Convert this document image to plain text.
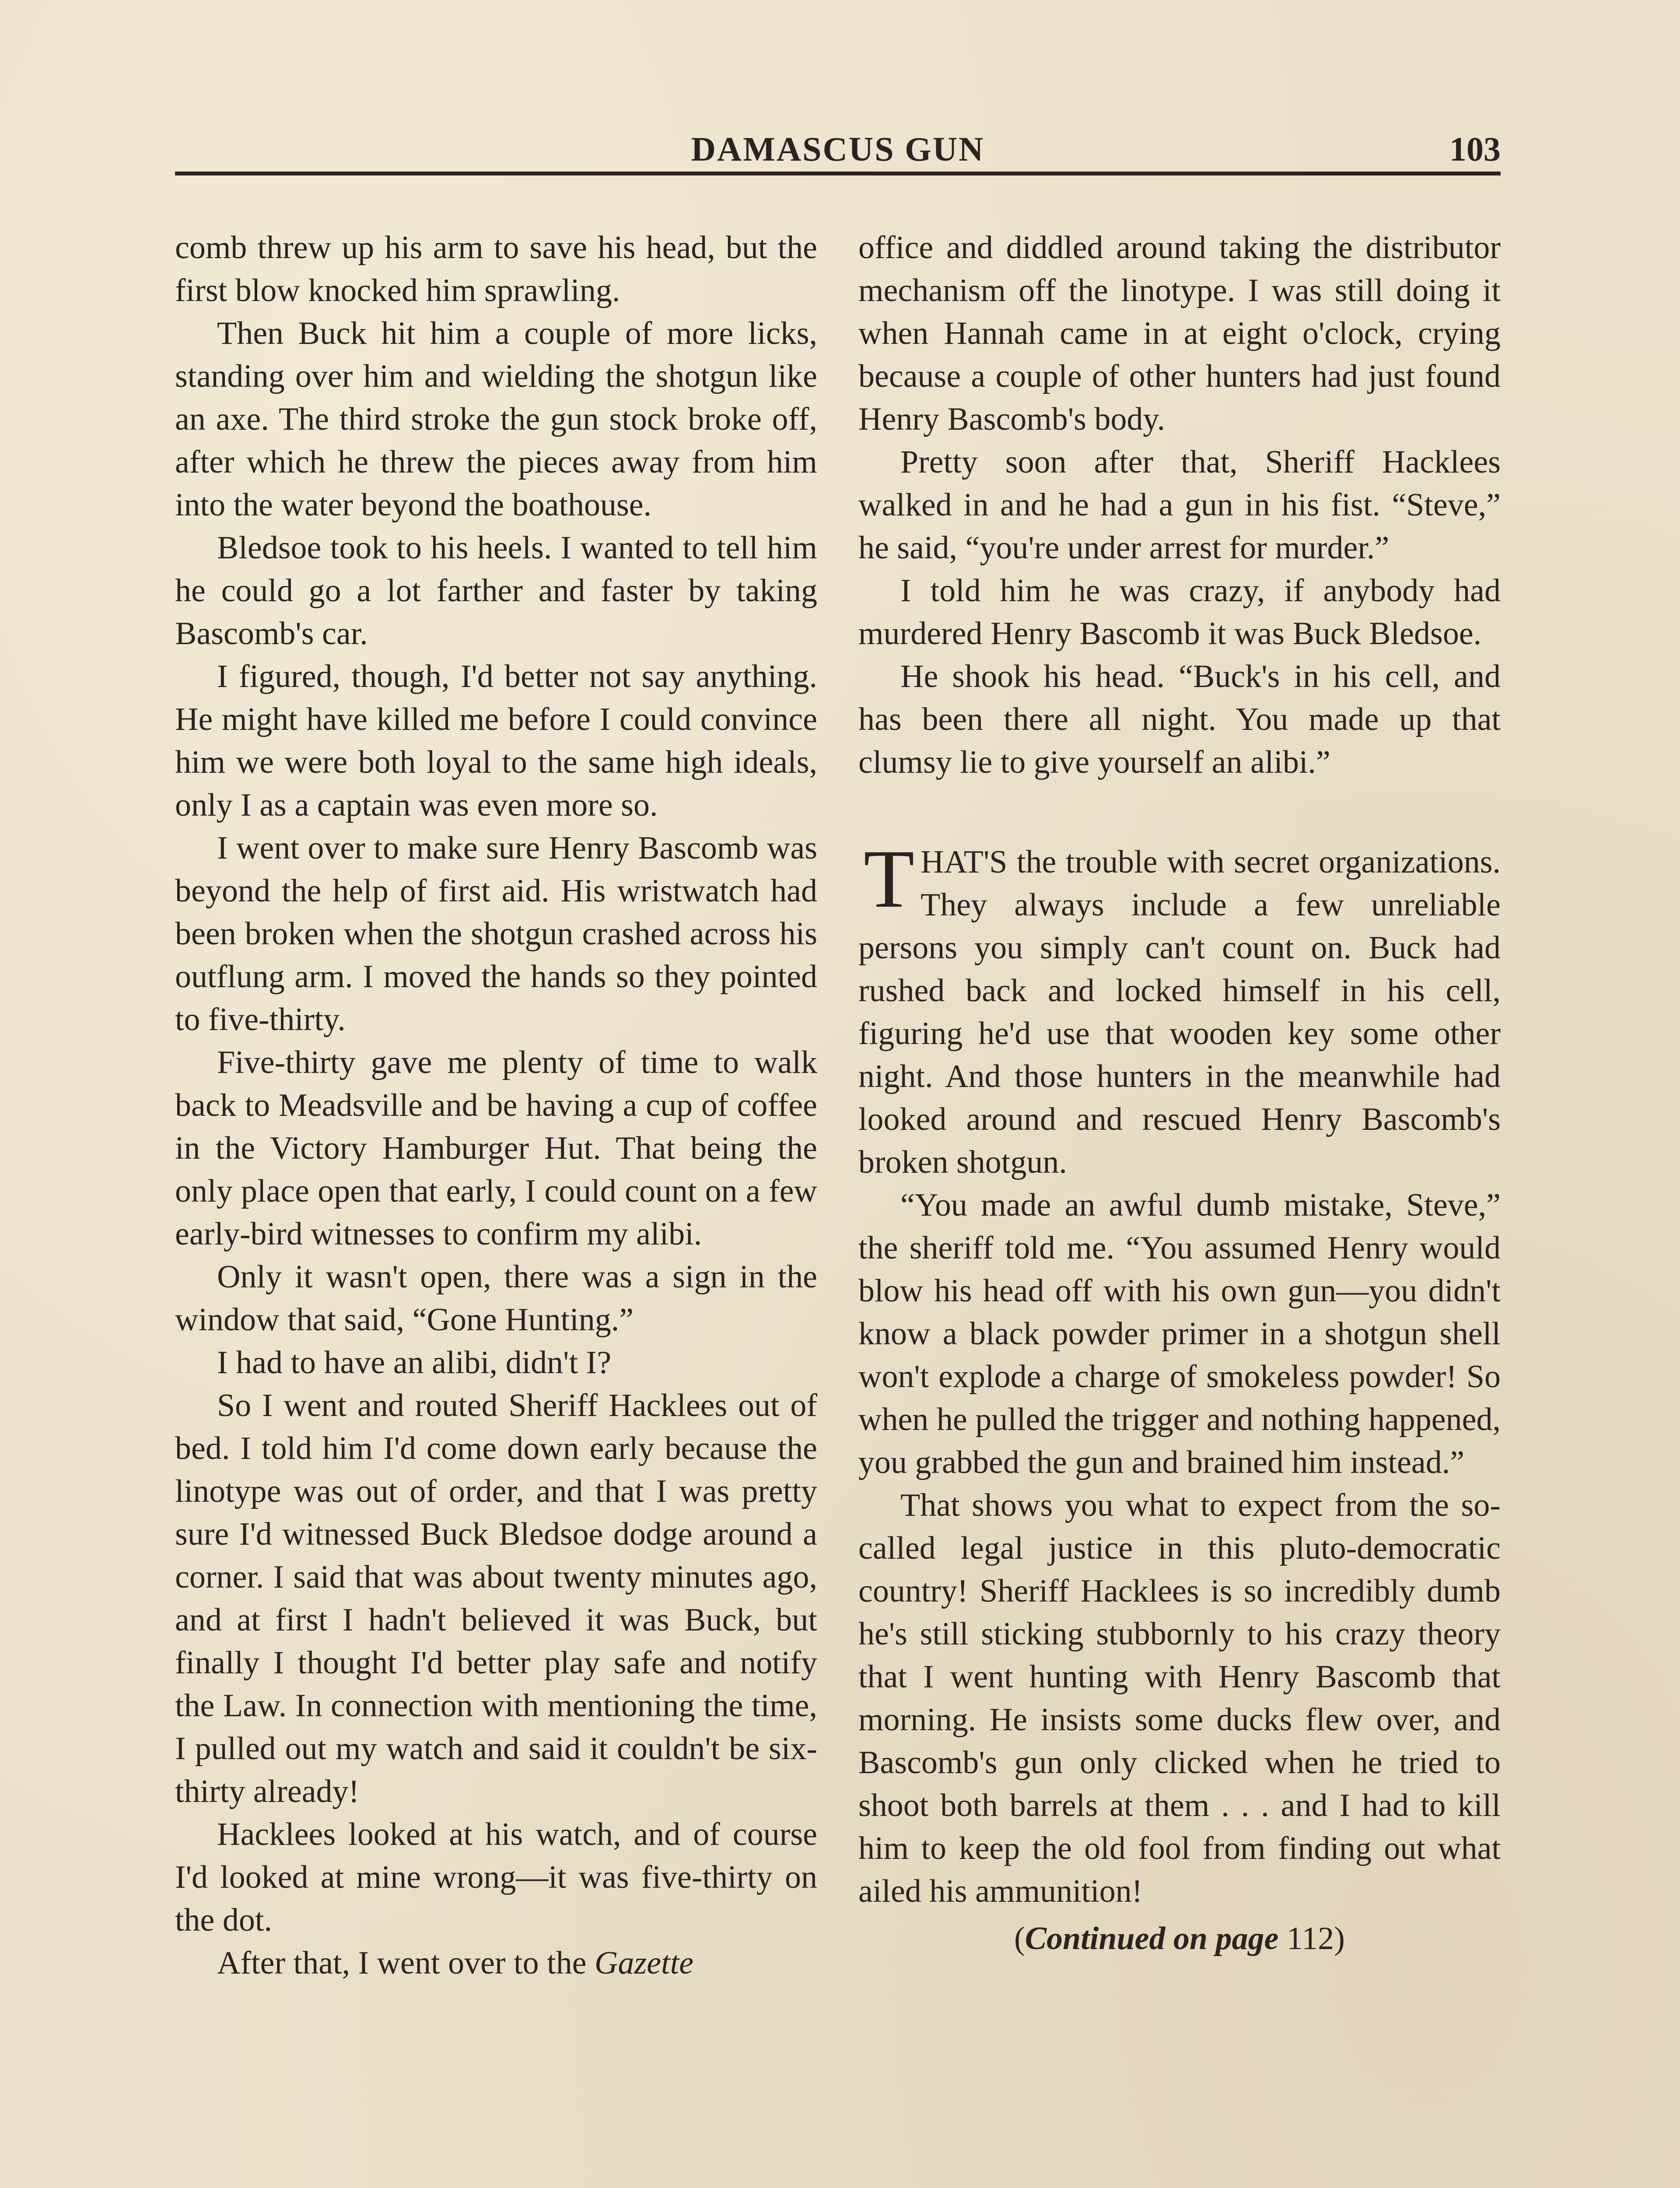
DAMASCUS GUN	103

comb threw up his arm to save his head, but the first blow knocked him sprawling.

Then Buck hit him a couple of more licks, standing over him and wielding the shotgun like an axe. The third stroke the gun stock broke off, after which he threw the pieces away from him into the water beyond the boathouse.

Bledsoe took to his heels. I wanted to tell him he could go a lot farther and faster by taking Bascomb's car.

I figured, though, I'd better not say anything. He might have killed me before I could convince him we were both loyal to the same high ideals, only I as a captain was even more so.

I went over to make sure Henry Bascomb was beyond the help of first aid. His wristwatch had been broken when the shotgun crashed across his outflung arm. I moved the hands so they pointed to five-thirty.

Five-thirty gave me plenty of time to walk back to Meadsville and be having a cup of coffee in the Victory Hamburger Hut. That being the only place open that early, I could count on a few early-bird witnesses to confirm my alibi.

Only it wasn't open, there was a sign in the window that said, “Gone Hunting.”

I had to have an alibi, didn't I?

So I went and routed Sheriff Hacklees out of bed. I told him I'd come down early because the linotype was out of order, and that I was pretty sure I'd witnessed Buck Bledsoe dodge around a corner. I said that was about twenty minutes ago, and at first I hadn't believed it was Buck, but finally I thought I'd better play safe and notify the Law. In connection with mentioning the time, I pulled out my watch and said it couldn't be six-thirty already!

Hacklees looked at his watch, and of course I'd looked at mine wrong—it was five-thirty on the dot.

After that, I went over to the Gazette

office and diddled around taking the distributor mechanism off the linotype. I was still doing it when Hannah came in at eight o'clock, crying because a couple of other hunters had just found Henry Bascomb's body.

Pretty soon after that, Sheriff Hacklees walked in and he had a gun in his fist. “Steve,” he said, “you're under arrest for murder.”

I told him he was crazy, if anybody had murdered Henry Bascomb it was Buck Bledsoe.

He shook his head. “Buck's in his cell, and has been there all night. You made up that clumsy lie to give yourself an alibi.”

THAT'S the trouble with secret organizations. They always include a few unreliable persons you simply can't count on. Buck had rushed back and locked himself in his cell, figuring he'd use that wooden key some other night. And those hunters in the meanwhile had looked around and rescued Henry Bascomb's broken shotgun.

“You made an awful dumb mistake, Steve,” the sheriff told me. “You assumed Henry would blow his head off with his own gun—you didn't know a black powder primer in a shotgun shell won't explode a charge of smokeless powder! So when he pulled the trigger and nothing happened, you grabbed the gun and brained him instead.”

That shows you what to expect from the so-called legal justice in this pluto-democratic country! Sheriff Hacklees is so incredibly dumb he's still sticking stubbornly to his crazy theory that I went hunting with Henry Bascomb that morning. He insists some ducks flew over, and Bascomb's gun only clicked when he tried to shoot both barrels at them . . . and I had to kill him to keep the old fool from finding out what ailed his ammunition!

(Continued on page 112)
